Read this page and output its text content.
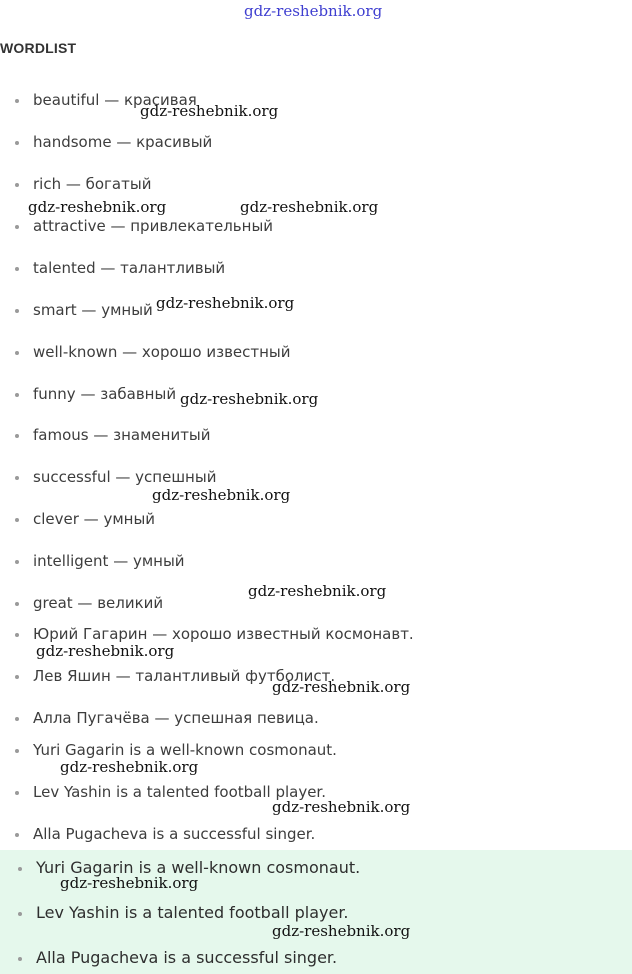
gdz-reshebnik.org
WORDLIST
beautiful — красивая
handsome — красивый
rich — богатый
attractive — привлекательный
talented — талантливый
smart — умный
well-known — хорошо известный
funny — забавный
famous — знаменитый
successful — успешный
clever — умный
intelligent — умный
great — великий
Юрий Гагарин — хорошо известный космонавт.
Лев Яшин — талантливый футболист.
Алла Пугачёва — успешная певица.
Yuri Gagarin is a well-known cosmonaut.
Lev Yashin is a talented football player.
Alla Pugacheva is a successful singer.
Yuri Gagarin is a well-known cosmonaut.
Lev Yashin is a talented football player.
Alla Pugacheva is a successful singer.
gdz-reshebnik.org
gdz-reshebnik.org	gdz-reshebnik.org
gdz-reshebnik.org
gdz-reshebnik.org
gdz-reshebnik.org
gdz-reshebnik.org
gdz-reshebnik.org
gdz-reshebnik.org
gdz-reshebnik.org
gdz-reshebnik.org
gdz-reshebnik.org
gdz-reshebnik.org
